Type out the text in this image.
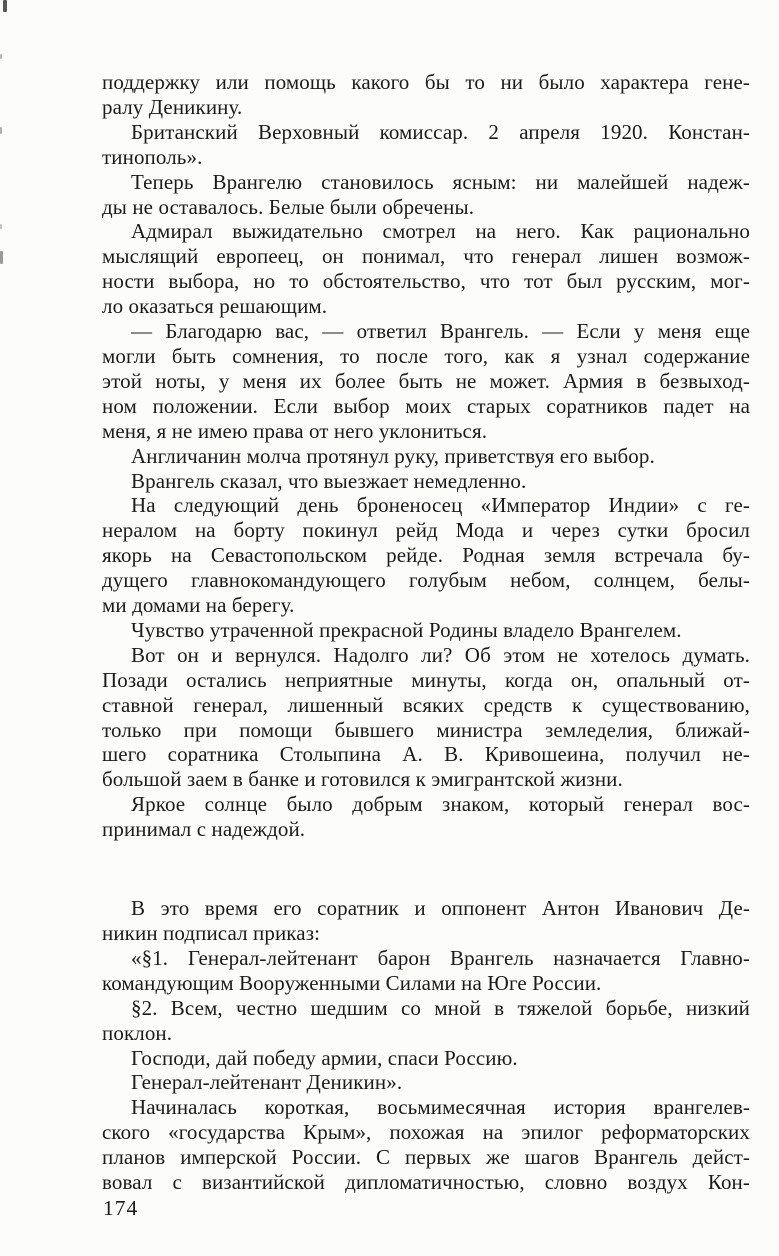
поддержку или помощь какого бы то ни было характера гене-
ралу Деникину.
Британский Верховный комиссар. 2 апреля 1920. Констан-
тинополь».
Теперь Врангелю становилось ясным: ни малейшей надеж-
ды не оставалось. Белые были обречены.
Адмирал выжидательно смотрел на него. Как рационально
мыслящий европеец, он понимал, что генерал лишен возмож-
ности выбора, но то обстоятельство, что тот был русским, мог-
ло оказаться решающим.
— Благодарю вас, — ответил Врангель. — Если у меня еще
могли быть сомнения, то после того, как я узнал содержание
этой ноты, у меня их более быть не может. Армия в безвыход-
ном положении. Если выбор моих старых соратников падет на
меня, я не имею права от него уклониться.
Англичанин молча протянул руку, приветствуя его выбор.
Врангель сказал, что выезжает немедленно.
На следующий день броненосец «Император Индии» с ге-
нералом на борту покинул рейд Мода и через сутки бросил
якорь на Севастопольском рейде. Родная земля встречала бу-
дущего главнокомандующего голубым небом, солнцем, белы-
ми домами на берегу.
Чувство утраченной прекрасной Родины владело Врангелем.
Вот он и вернулся. Надолго ли? Об этом не хотелось думать.
Позади остались неприятные минуты, когда он, опальный от-
ставной генерал, лишенный всяких средств к существованию,
только при помощи бывшего министра земледелия, ближай-
шего соратника Столыпина А. В. Кривошеина, получил не-
большой заем в банке и готовился к эмигрантской жизни.
Яркое солнце было добрым знаком, который генерал вос-
принимал с надеждой.
В это время его соратник и оппонент Антон Иванович Де-
никин подписал приказ:
«§1. Генерал-лейтенант барон Врангель назначается Главно-
командующим Вооруженными Силами на Юге России.
§2. Всем, честно шедшим со мной в тяжелой борьбе, низкий
поклон.
Господи, дай победу армии, спаси Россию.
Генерал-лейтенант Деникин».
Начиналась короткая, восьмимесячная история врангелев-
ского «государства Крым», похожая на эпилог реформаторских
планов имперской России. С первых же шагов Врангель дейст-
вовал с византийской дипломатичностью, словно воздух Кон-
174
